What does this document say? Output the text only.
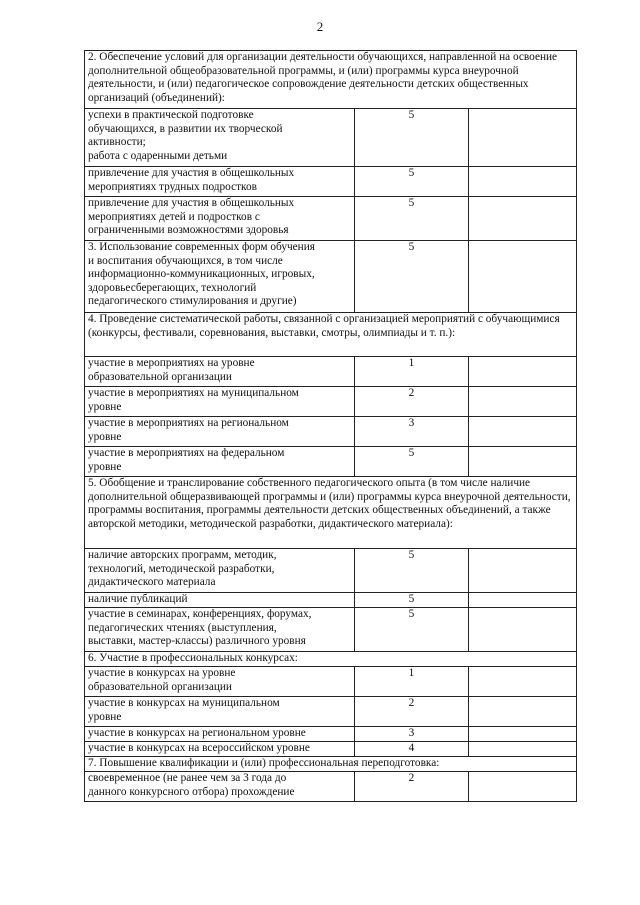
2
2. Обеспечение условий для организации деятельности обучающихся, направленной на освоение дополнительной общеобразовательной программы, и (или) программы курса внеурочной деятельности, и (или) педагогическое сопровождение деятельности детских общественных организаций (объединений):		
успехи в практической подготовке
обучающихся, в развитии их творческой
активности;
работа с одаренными детьми	5	
привлечение для участия в общешкольных
мероприятиях трудных подростков	5	
привлечение для участия в общешкольных
мероприятиях детей и подростков с
ограниченными возможностями здоровья	5	
3. Использование современных форм обучения
и воспитания обучающихся, в том числе
информационно-коммуникационных, игровых,
здоровьесберегающих, технологий
педагогического стимулирования и другие)	5	
4. Проведение систематической работы, связанной с организацией мероприятий с обучающимися (конкурсы, фестивали, соревнования, выставки, смотры, олимпиады и т. п.):		
участие в мероприятиях на уровне
образовательной организации	1	
участие в мероприятиях на муниципальном
уровне	2	
участие в мероприятиях на региональном
уровне	3	
участие в мероприятиях на федеральном
уровне	5	
5. Обобщение и транслирование собственного педагогического опыта (в том числе наличие дополнительной общеразвивающей программы и (или) программы курса внеурочной деятельности, программы воспитания, программы деятельности детских общественных объединений, а также авторской методики, методической разработки, дидактического материала):		
наличие авторских программ, методик,
технологий, методической разработки,
дидактического материала	5	
наличие публикаций	5	
участие в семинарах, конференциях, форумах,
педагогических чтениях (выступления,
выставки, мастер-классы) различного уровня	5	
6. Участие в профессиональных конкурсах:		
участие в конкурсах на уровне
образовательной организации	1	
участие в конкурсах на муниципальном
уровне	2	
участие в конкурсах на региональном уровне	3	
участие в конкурсах на всероссийском уровне	4	
7. Повышение квалификации и (или) профессиональная переподготовка:		
своевременное (не ранее чем за 3 года до
данного конкурсного отбора) прохождение	2	
